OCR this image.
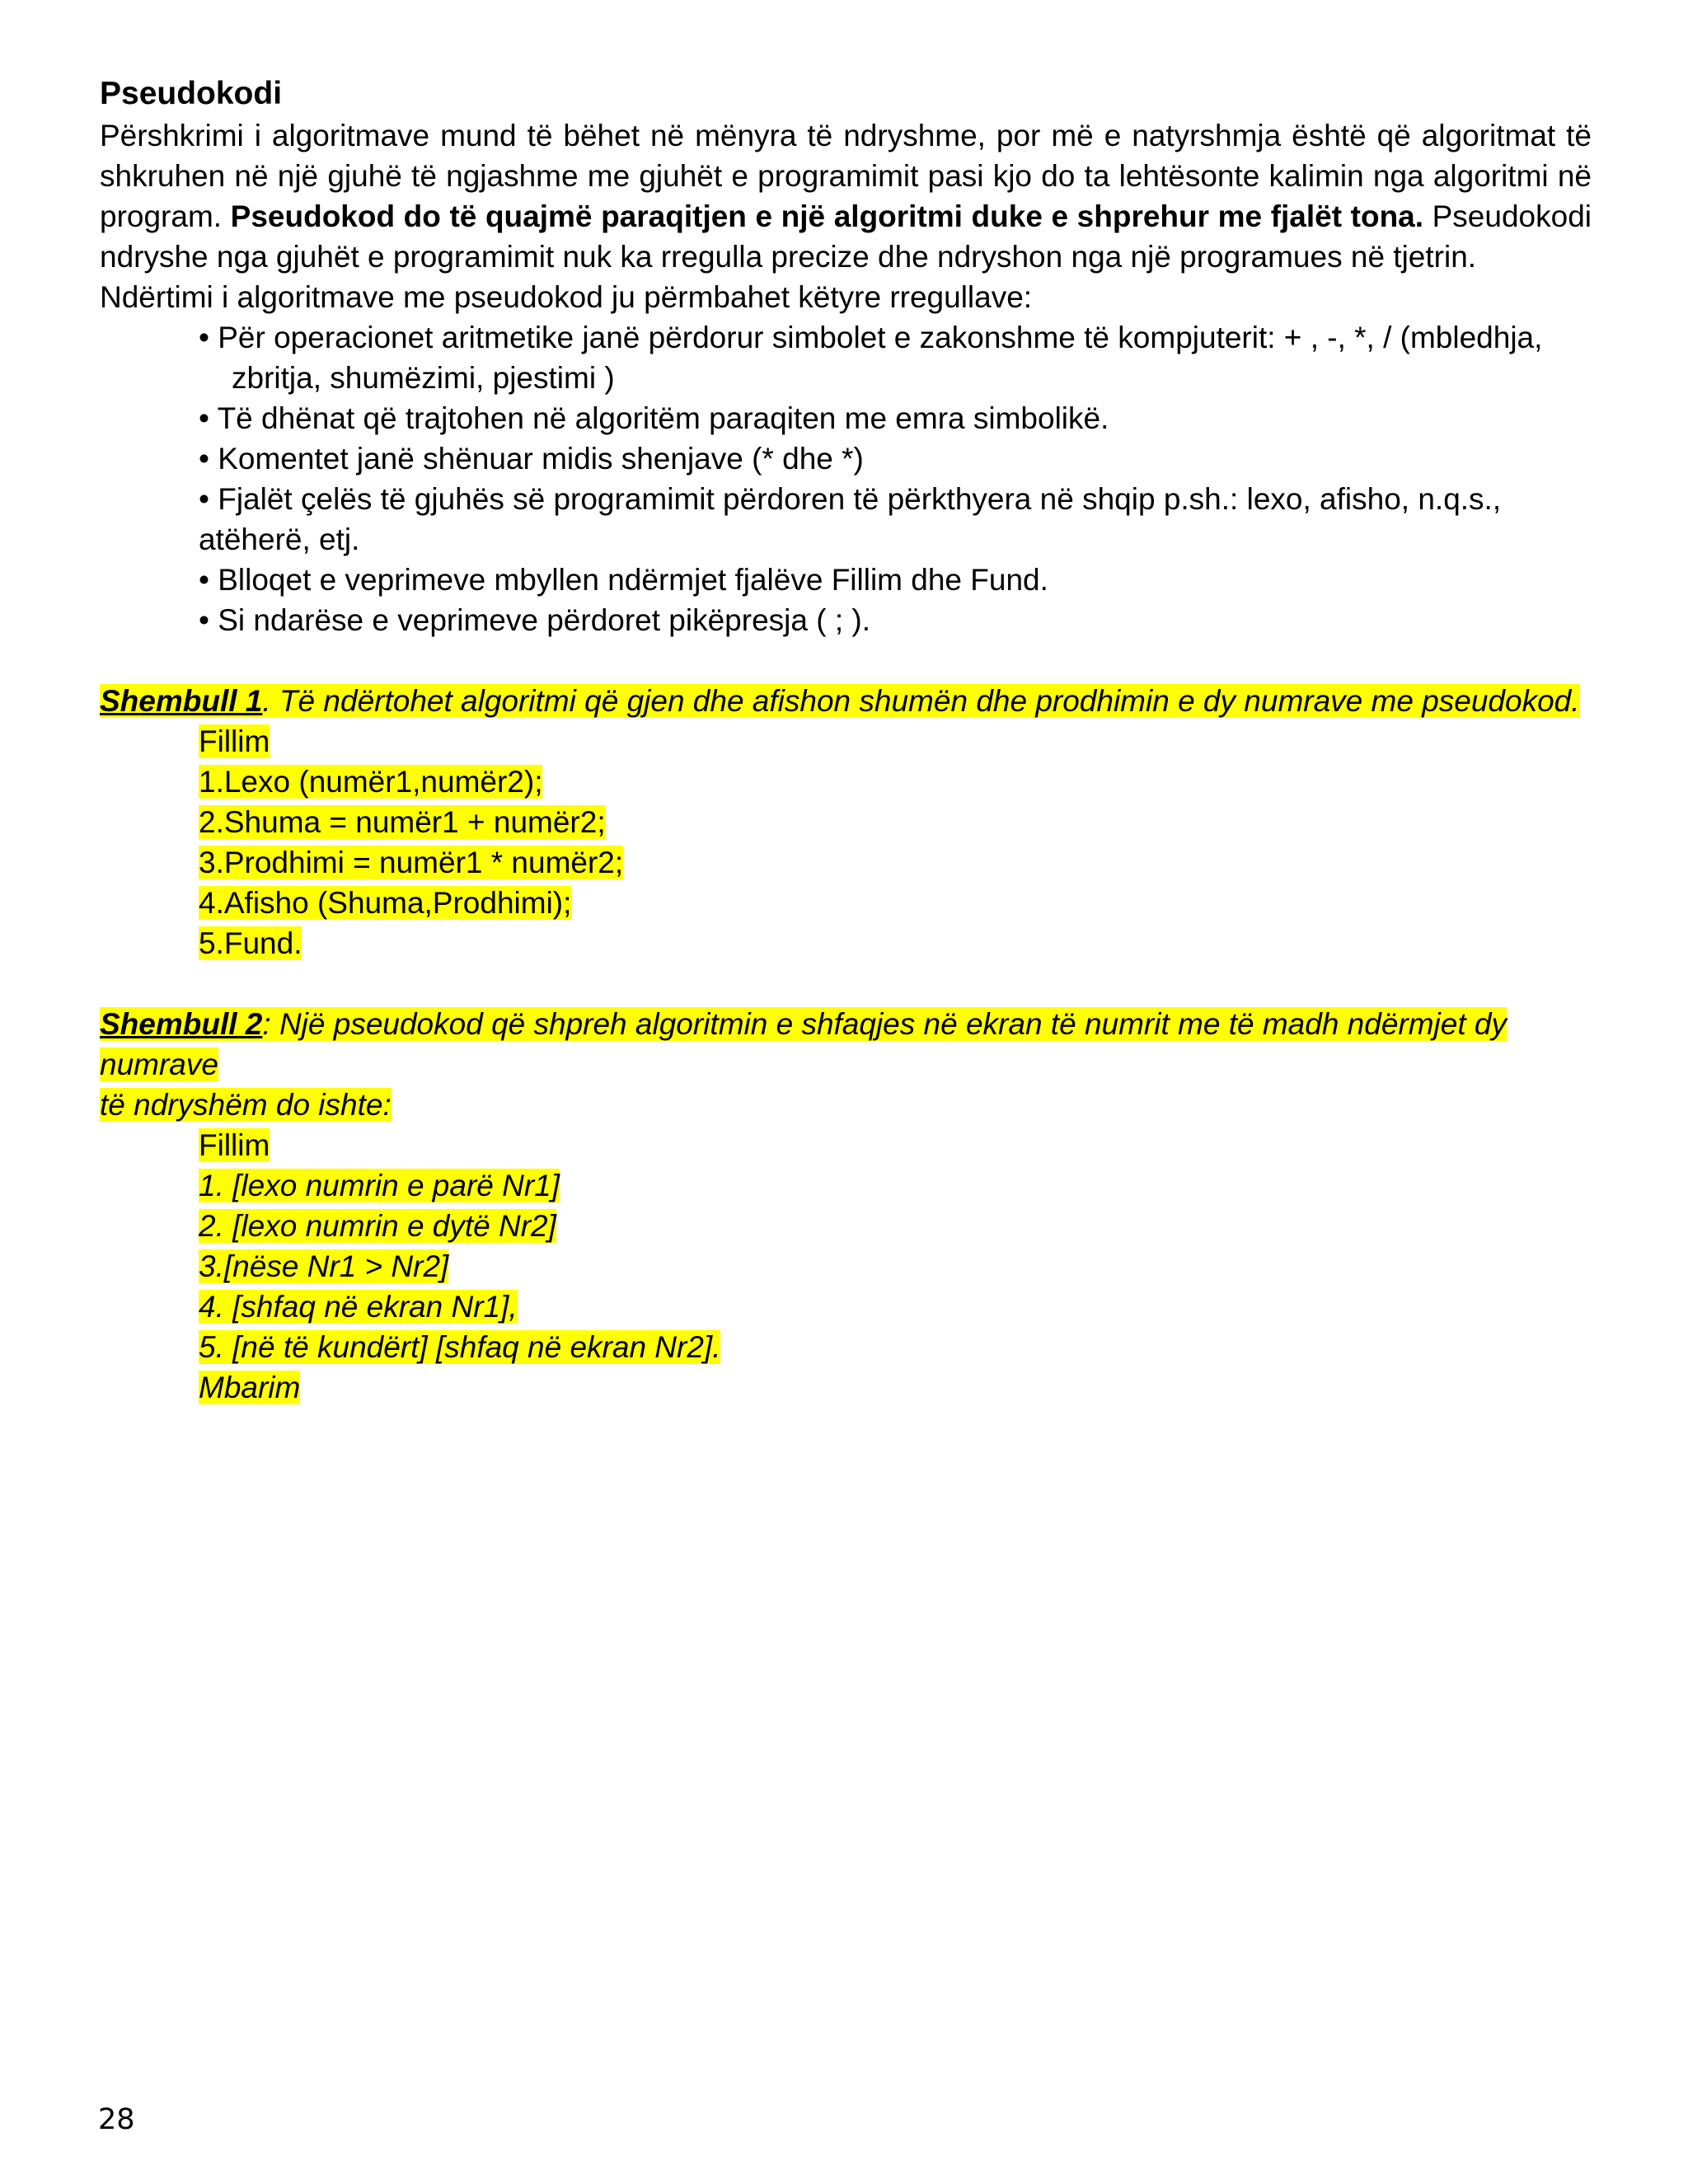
Pseudokodi

Përshkrimi i algoritmave mund të bëhet në mënyra të ndryshme, por më e natyrshmja është që algoritmat të shkruhen në një gjuhë të ngjashme me gjuhët e programimit pasi kjo do ta lehtësonte kalimin nga algoritmi në program. Pseudokod do të quajmë paraqitjen e një algoritmi duke e shprehur me fjalët tona. Pseudokodi ndryshe nga gjuhët e programimit nuk ka rregulla precize dhe ndryshon nga një programues në tjetrin.

Ndërtimi i algoritmave me pseudokod ju përmbahet këtyre rregullave:

• Për operacionet aritmetike janë përdorur simbolet e zakonshme të kompjuterit: + , -, *, / (mbledhja,
zbritja, shumëzimi, pjestimi )
• Të dhënat që trajtohen në algoritëm paraqiten me emra simbolikë.
• Komentet janë shënuar midis shenjave (* dhe *)
• Fjalët çelës të gjuhës së programimit përdoren të përkthyera në shqip p.sh.: lexo, afisho, n.q.s.,
atëherë, etj.
• Blloqet e veprimeve mbyllen ndërmjet fjalëve Fillim dhe Fund.
• Si ndarëse e veprimeve përdoret pikëpresja ( ; ).

Shembull 1. Të ndërtohet algoritmi që gjen dhe afishon shumën dhe prodhimin e dy numrave me pseudokod.

Fillim
1.Lexo (numër1,numër2);
2.Shuma = numër1 + numër2;
3.Prodhimi = numër1 * numër2;
4.Afisho (Shuma,Prodhimi);
5.Fund.

Shembull 2: Një pseudokod që shpreh algoritmin e shfaqjes në ekran të numrit me të madh ndërmjet dy numrave
të ndryshëm do ishte:

Fillim
1. [lexo numrin e parë Nr1]
2. [lexo numrin e dytë Nr2]
3.[nëse Nr1 > Nr2]
4. [shfaq në ekran Nr1],
5. [në të kundërt] [shfaq në ekran Nr2].
Mbarim
28
